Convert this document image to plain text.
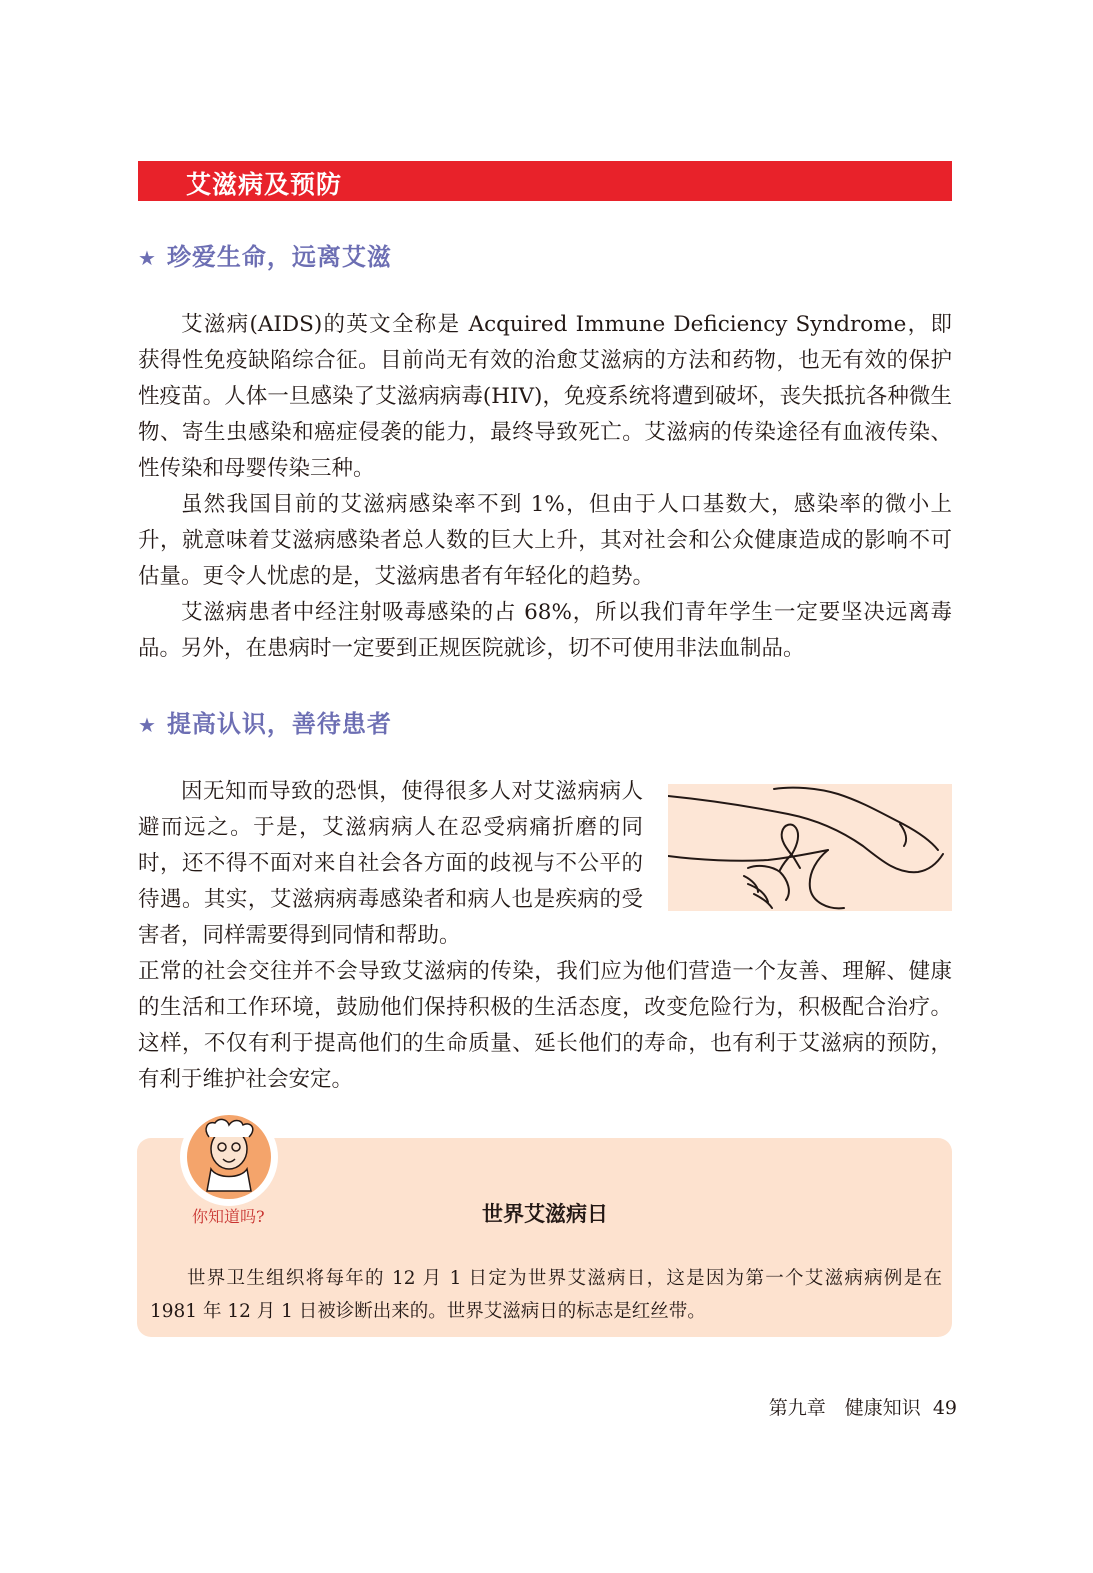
艾滋病及预防
★ 珍爱生命，远离艾滋

艾滋病(AIDS)的英文全称是 Acquired Immune Deficiency Syndrome，即获得性免疫缺陷综合征。目前尚无有效的治愈艾滋病的方法和药物，也无有效的保护性疫苗。人体一旦感染了艾滋病病毒(HIV)，免疫系统将遭到破坏，丧失抵抗各种微生物、寄生虫感染和癌症侵袭的能力，最终导致死亡。艾滋病的传染途径有血液传染、性传染和母婴传染三种。

虽然我国目前的艾滋病感染率不到 1%，但由于人口基数大，感染率的微小上升，就意味着艾滋病感染者总人数的巨大上升，其对社会和公众健康造成的影响不可估量。更令人忧虑的是，艾滋病患者有年轻化的趋势。

艾滋病患者中经注射吸毒感染的占 68%，所以我们青年学生一定要坚决远离毒品。另外，在患病时一定要到正规医院就诊，切不可使用非法血制品。

★ 提高认识，善待患者

因无知而导致的恐惧，使得很多人对艾滋病病人避而远之。于是，艾滋病病人在忍受病痛折磨的同时，还不得不面对来自社会各方面的歧视与不公平的待遇。其实，艾滋病病毒感染者和病人也是疾病的受害者，同样需要得到同情和帮助。

正常的社会交往并不会导致艾滋病的传染，我们应为他们营造一个友善、理解、健康的生活和工作环境，鼓励他们保持积极的生活态度，改变危险行为，积极配合治疗。这样，不仅有利于提高他们的生命质量、延长他们的寿命，也有利于艾滋病的预防，有利于维护社会安定。

你知道吗?	世界艾滋病日

世界卫生组织将每年的 12 月 1 日定为世界艾滋病日，这是因为第一个艾滋病病例是在 1981 年 12 月 1 日被诊断出来的。世界艾滋病日的标志是红丝带。

第九章　健康知识 49
